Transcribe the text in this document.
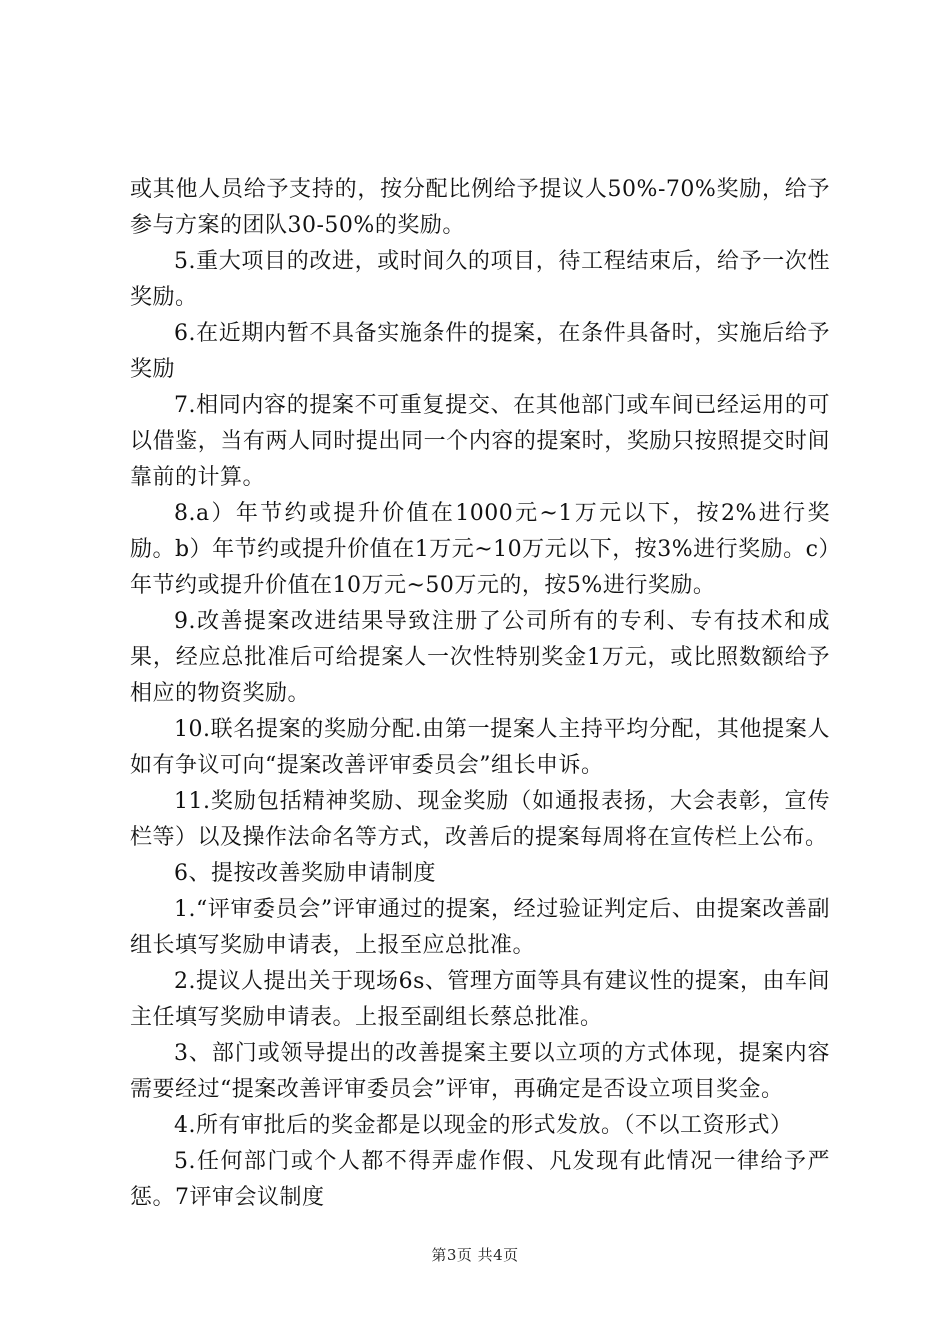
或其他人员给予支持的，按分配比例给予提议人50%-70%奖励，给予参与方案的团队30-50%的奖励。

5.重大项目的改进，或时间久的项目，待工程结束后，给予一次性奖励。

6.在近期内暂不具备实施条件的提案，在条件具备时，实施后给予奖励

7.相同内容的提案不可重复提交、在其他部门或车间已经运用的可以借鉴，当有两人同时提出同一个内容的提案时，奖励只按照提交时间靠前的计算。

8.a）年节约或提升价值在1000元~1万元以下，按2%进行奖励。b）年节约或提升价值在1万元~10万元以下，按3%进行奖励。c）年节约或提升价值在10万元~50万元的，按5%进行奖励。

9.改善提案改进结果导致注册了公司所有的专利、专有技术和成果，经应总批准后可给提案人一次性特别奖金1万元，或比照数额给予相应的物资奖励。

10.联名提案的奖励分配.由第一提案人主持平均分配，其他提案人如有争议可向“提案改善评审委员会”组长申诉。

11.奖励包括精神奖励、现金奖励（如通报表扬，大会表彰，宣传栏等）以及操作法命名等方式，改善后的提案每周将在宣传栏上公布。

6、提按改善奖励申请制度

1.“评审委员会”评审通过的提案，经过验证判定后、由提案改善副组长填写奖励申请表，上报至应总批准。

2.提议人提出关于现场6s、管理方面等具有建议性的提案，由车间主任填写奖励申请表。上报至副组长蔡总批准。

3、部门或领导提出的改善提案主要以立项的方式体现，提案内容需要经过“提案改善评审委员会”评审，再确定是否设立项目奖金。

4.所有审批后的奖金都是以现金的形式发放。（不以工资形式）

5.任何部门或个人都不得弄虚作假、凡发现有此情况一律给予严惩。7评审会议制度

第3页 共4页
